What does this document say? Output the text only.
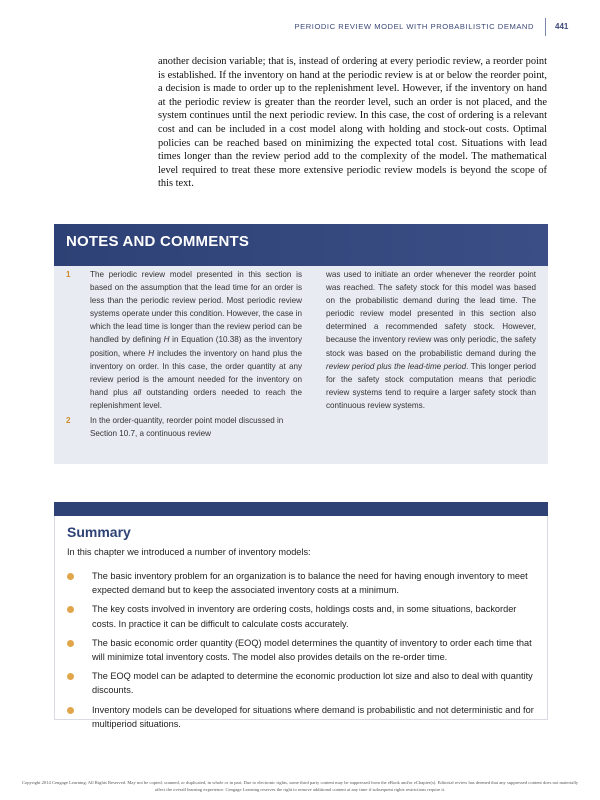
PERIODIC REVIEW MODEL WITH PROBABILISTIC DEMAND	441

another decision variable; that is, instead of ordering at every periodic review, a reorder point is established. If the inventory on hand at the periodic review is at or below the reorder point, a decision is made to order up to the replenishment level. However, if the inventory on hand at the periodic review is greater than the reorder level, such an order is not placed, and the system continues until the next periodic review. In this case, the cost of ordering is a relevant cost and can be included in a cost model along with holding and stock-out costs. Optimal policies can be reached based on minimizing the expected total cost. Situations with lead times longer than the review period add to the complexity of the model. The mathematical level required to treat these more extensive periodic review models is beyond the scope of this text.

NOTES AND COMMENTS
1 The periodic review model presented in this section is based on the assumption that the lead time for an order is less than the periodic review period. Most periodic review systems operate under this condition. However, the case in which the lead time is longer than the review period can be handled by defining H in Equation (10.38) as the inventory position, where H includes the inventory on hand plus the inventory on order. In this case, the order quantity at any review period is the amount needed for the inventory on hand plus all outstanding orders needed to reach the replenishment level.

2 In the order-quantity, reorder point model discussed in Section 10.7, a continuous review

was used to initiate an order whenever the reorder point was reached. The safety stock for this model was based on the probabilistic demand during the lead time. The periodic review model presented in this section also determined a recommended safety stock. However, because the inventory review was only periodic, the safety stock was based on the probabilistic demand during the review period plus the lead-time period. This longer period for the safety stock computation means that periodic review systems tend to require a larger safety stock than continuous review systems.

Summary

In this chapter we introduced a number of inventory models:

The basic inventory problem for an organization is to balance the need for having enough inventory to meet expected demand but to keep the associated inventory costs at a minimum.
The key costs involved in inventory are ordering costs, holdings costs and, in some situations, backorder costs. In practice it can be difficult to calculate costs accurately.
The basic economic order quantity (EOQ) model determines the quantity of inventory to order each time that will minimize total inventory costs. The model also provides details on the re-order time.
The EOQ model can be adapted to determine the economic production lot size and also to deal with quantity discounts.
Inventory models can be developed for situations where demand is probabilistic and not deterministic and for multiperiod situations.

Copyright 2014 Cengage Learning. All Rights Reserved. May not be copied, scanned, or duplicated, in whole or in part. Due to electronic rights, some third party content may be suppressed from the eBook and/or eChapter(s). Editorial review has deemed that any suppressed content does not materially affect the overall learning experience. Cengage Learning reserves the right to remove additional content at any time if subsequent rights restrictions require it.
